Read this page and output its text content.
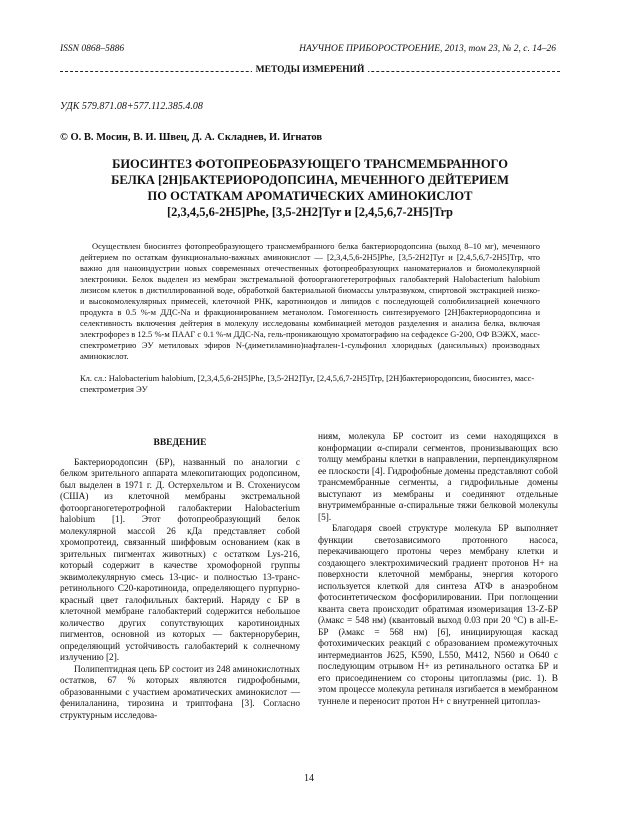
ISSN 0868–5886	НАУЧНОЕ ПРИБОРОСТРОЕНИЕ, 2013, том 23, № 2, с. 14–26
МЕТОДЫ ИЗМЕРЕНИЙ
УДК 579.871.08+577.112.385.4.08
© О. В. Мосин, В. И. Швец, Д. А. Складнев, И. Игнатов
БИОСИНТЕЗ ФОТОПРЕОБРАЗУЮЩЕГО ТРАНСМЕМБРАННОГО
БЕЛКА [2H]БАКТЕРИОРОДОПСИНА, МЕЧЕННОГО ДЕЙТЕРИЕМ
ПО ОСТАТКАМ АРОМАТИЧЕСКИХ АМИНОКИСЛОТ
[2,3,4,5,6-2H5]Phe, [3,5-2H2]Tyr и [2,4,5,6,7-2H5]Trp

Осуществлен биосинтез фотопреобразующего трансмембранного белка бактериородопсина (выход 8–10 мг), меченного дейтерием по остаткам функционально-важных аминокислот — [2,3,4,5,6-2H5]Phe, [3,5-2H2]Tyr и [2,4,5,6,7-2H5]Trp, что важно для нанoиндустрии новых современных отечественных фотопреобразующих наноматериалов и биомолекулярной электроники. Белок выделен из мембран экстремальной фотоорганогетеротрофных галобактерий Halobacterium halobium лизисом клеток в дистиллированной воде, обработкой бактериальной биомассы ультразвуком, спиртовой экстракцией низко- и высокомолекулярных примесей, клеточной РНК, каротиноидов и липидов с последующей солюбилизацией конечного продукта в 0.5 %-м ДДС-Na и фракционированием метанолом. Гомогенность синтезируемого [2H]бактериородопсина и селективность включения дейтерия в молекулу исследованы комбинацией методов разделения и анализа белка, включая электрофорез в 12.5 %-м ПААГ с 0.1 %-м ДДС-Na, гель-проникающую хроматографию на сефадексе G-200, ОФ ВЭЖХ, масс-спектрометрию ЭУ метиловых эфиров N-(диметиламино)нафтален-1-сульфонил хлоридных (дансильных) производных аминокислот.

Кл. сл.: Halobacterium halobium, [2,3,4,5,6-2H5]Phe, [3,5-2H2]Tyr, [2,4,5,6,7-2H5]Trp, [2H]бактериородопсин, биосинтез, масс-спектрометрия ЭУ
ВВЕДЕНИЕ

Бактериородопсин (БР), названный по аналогии с белком зрительного аппарата млекопитающих родопсином, был выделен в 1971 г. Д. Остерхельтом и В. Стохениусом (США) из клеточной мембраны экстремальной фотоорганогетеротрофной галобактерии Halobacterium halobium [1]. Этот фотопреобразующий белок молекулярной массой 26 кДа представляет собой хромопротеид, связанный шиффовым основанием (как в зрительных пигментах животных) с остатком Lys-216, который содержит в качестве хромофорной группы эквимолекулярную смесь 13-цис- и полностью 13-транс-ретинольного C20-каротиноида, определяющего пурпурно-красный цвет галофильных бактерий. Наряду с БР в клеточной мембране галобактерий содержится небольшое количество других сопутствующих каротиноидных пигментов, основной из которых — бактерноруберин, определяющий устойчивость галобактерий к солнечному излучению [2].

Полипептидная цепь БР состоит из 248 аминокислотных остатков, 67 % которых являются гидрофобными, образованными с участием ароматических аминокислот — фенилаланина, тирозина и триптофана [3]. Согласно структурным исследова-

ниям, молекула БР состоит из семи находящихся в конформации α-спирали сегментов, пронизывающих всю толщу мембраны клетки в направлении, перпендикулярном ее плоскости [4]. Гидрофобные домены представляют собой трансмембранные сегменты, а гидрофильные домены выступают из мембраны и соединяют отдельные внутримембранные α-спиральные тяжи белковой молекулы [5].

Благодаря своей структуре молекула БР выполняет функции светозависимого протонного насоса, перекачивающего протоны через мембрану клетки и создающего электрохимический градиент протонов H+ на поверхности клеточной мембраны, энергия которого используется клеткой для синтеза АТФ в анаэробном фотосинтетическом фосфорилировании. При поглощении кванта света происходит обратимая изомеризация 13-Z-БР (λмакс = 548 нм) (квантовый выход 0.03 при 20 °С) в all-E-БР (λмакс = 568 нм) [6], инициирующая каскад фотохимических реакций с образованием промежуточных интермедиантов J625, K590, L550, M412, N560 и O640 с последующим отрывом H+ из ретинального остатка БР и его присоединением со стороны цитоплазмы (рис. 1). В этом процессе молекула ретиналя изгибается в мембранном туннеле и переносит протон H+ с внутренней цитоплаз-

14
